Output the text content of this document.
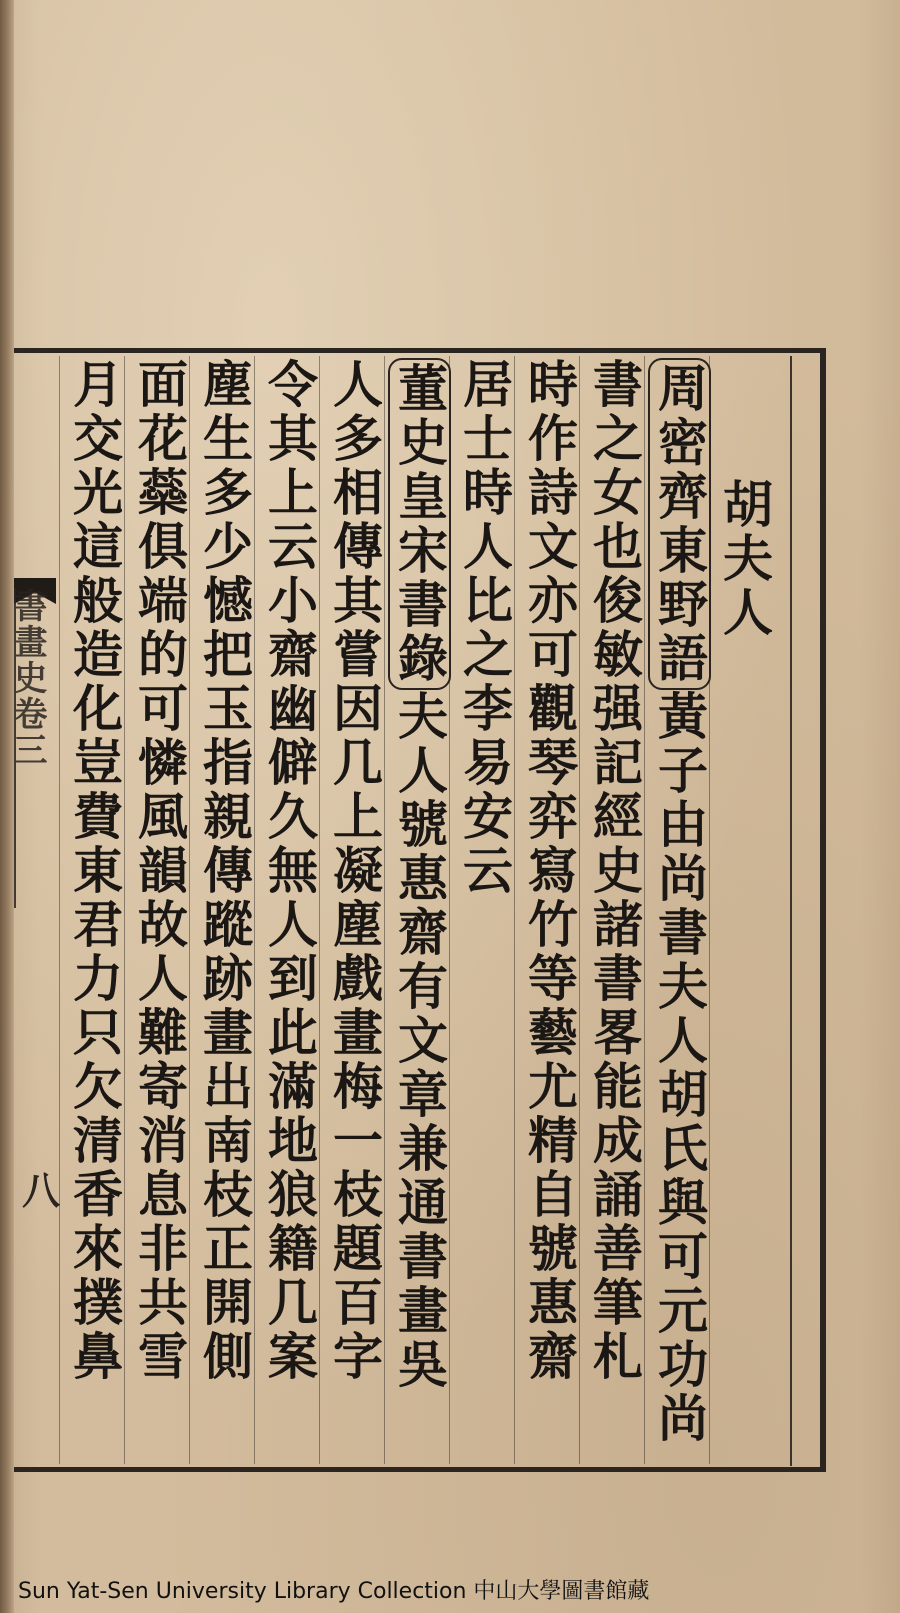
胡夫人
周密齊東野語黃子由尚書夫人胡氏與可元功尚
書之女也俊敏强記經史諸書畧能成誦善筆札
時作詩文亦可觀琴弈寫竹等藝尤精自號惠齋
居士時人比之李易安云
董史皇宋書錄夫人號惠齋有文章兼通書畫吳
人多相傳其嘗因几上凝塵戲畫梅一枝題百字
令其上云小齋幽僻久無人到此滿地狼籍几案
塵生多少憾把玉指親傳蹤跡畫出南枝正開側
面花蘂俱端的可憐風韻故人難寄消息非共雪
月交光這般造化豈費東君力只欠清香來撲鼻
書畫史卷三
八
Sun Yat-Sen University Library Collection 中山大學圖書館藏
